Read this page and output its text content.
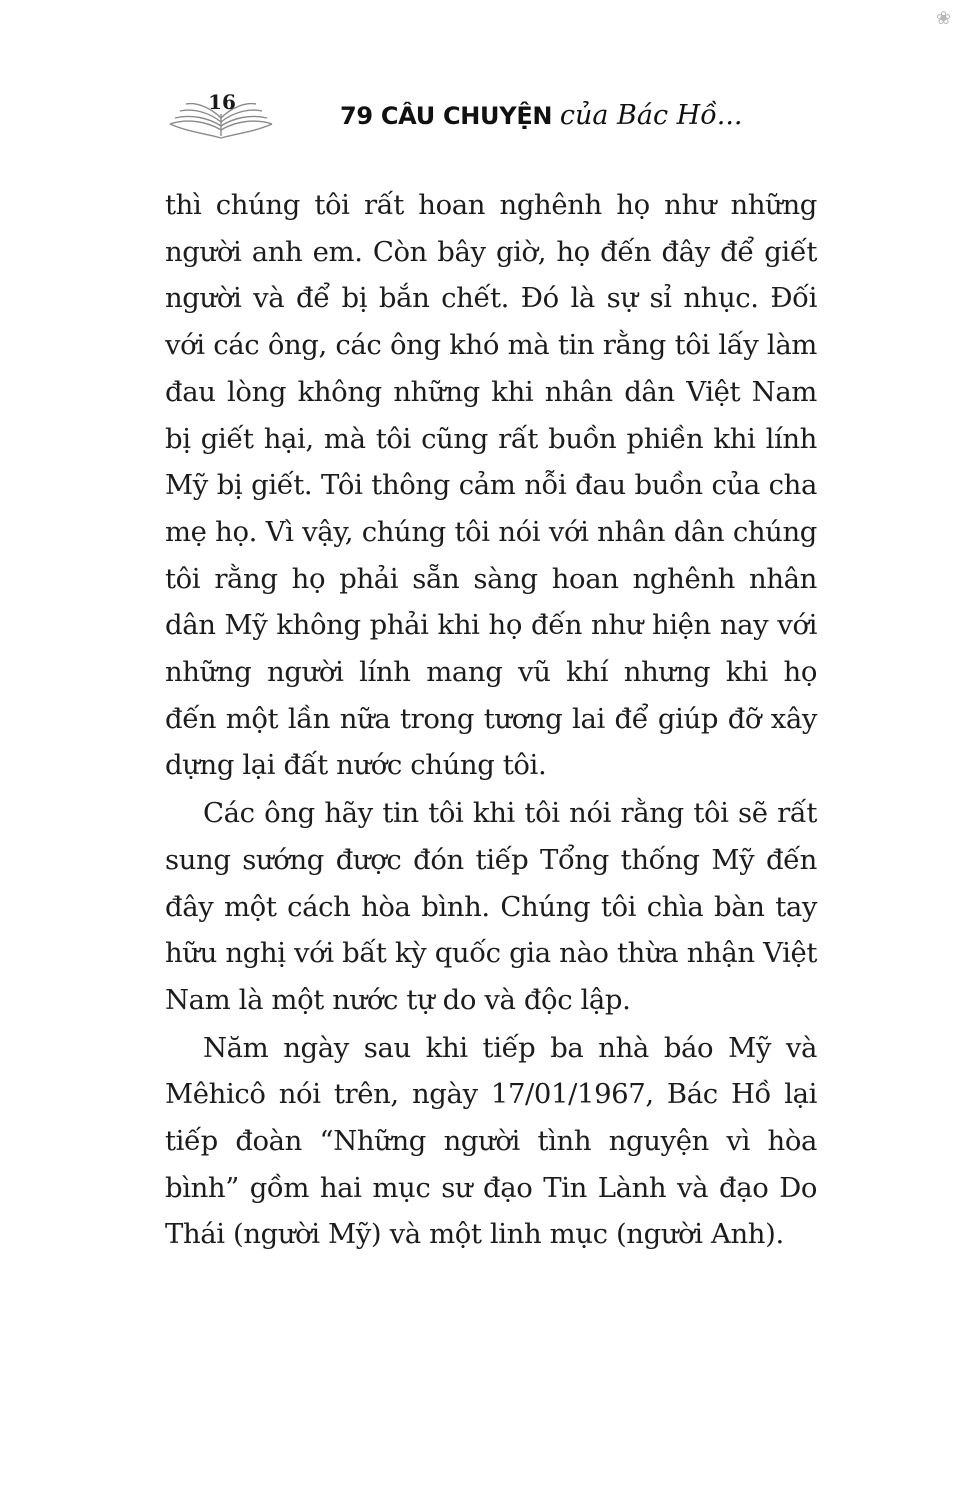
❀
16	79 CÂU CHUYỆN của Bác Hồ...

thì chúng tôi rất hoan nghênh họ như những người anh em. Còn bây giờ, họ đến đây để giết người và để bị bắn chết. Đó là sự sỉ nhục. Đối với các ông, các ông khó mà tin rằng tôi lấy làm đau lòng không những khi nhân dân Việt Nam bị giết hại, mà tôi cũng rất buồn phiền khi lính Mỹ bị giết. Tôi thông cảm nỗi đau buồn của cha mẹ họ. Vì vậy, chúng tôi nói với nhân dân chúng tôi rằng họ phải sẵn sàng hoan nghênh nhân dân Mỹ không phải khi họ đến như hiện nay với những người lính mang vũ khí nhưng khi họ đến một lần nữa trong tương lai để giúp đỡ xây dựng lại đất nước chúng tôi.

Các ông hãy tin tôi khi tôi nói rằng tôi sẽ rất sung sướng được đón tiếp Tổng thống Mỹ đến đây một cách hòa bình. Chúng tôi chìa bàn tay hữu nghị với bất kỳ quốc gia nào thừa nhận Việt Nam là một nước tự do và độc lập.

Năm ngày sau khi tiếp ba nhà báo Mỹ và Mêhicô nói trên, ngày 17/01/1967, Bác Hồ lại tiếp đoàn “Những người tình nguyện vì hòa bình” gồm hai mục sư đạo Tin Lành và đạo Do Thái (người Mỹ) và một linh mục (người Anh).
